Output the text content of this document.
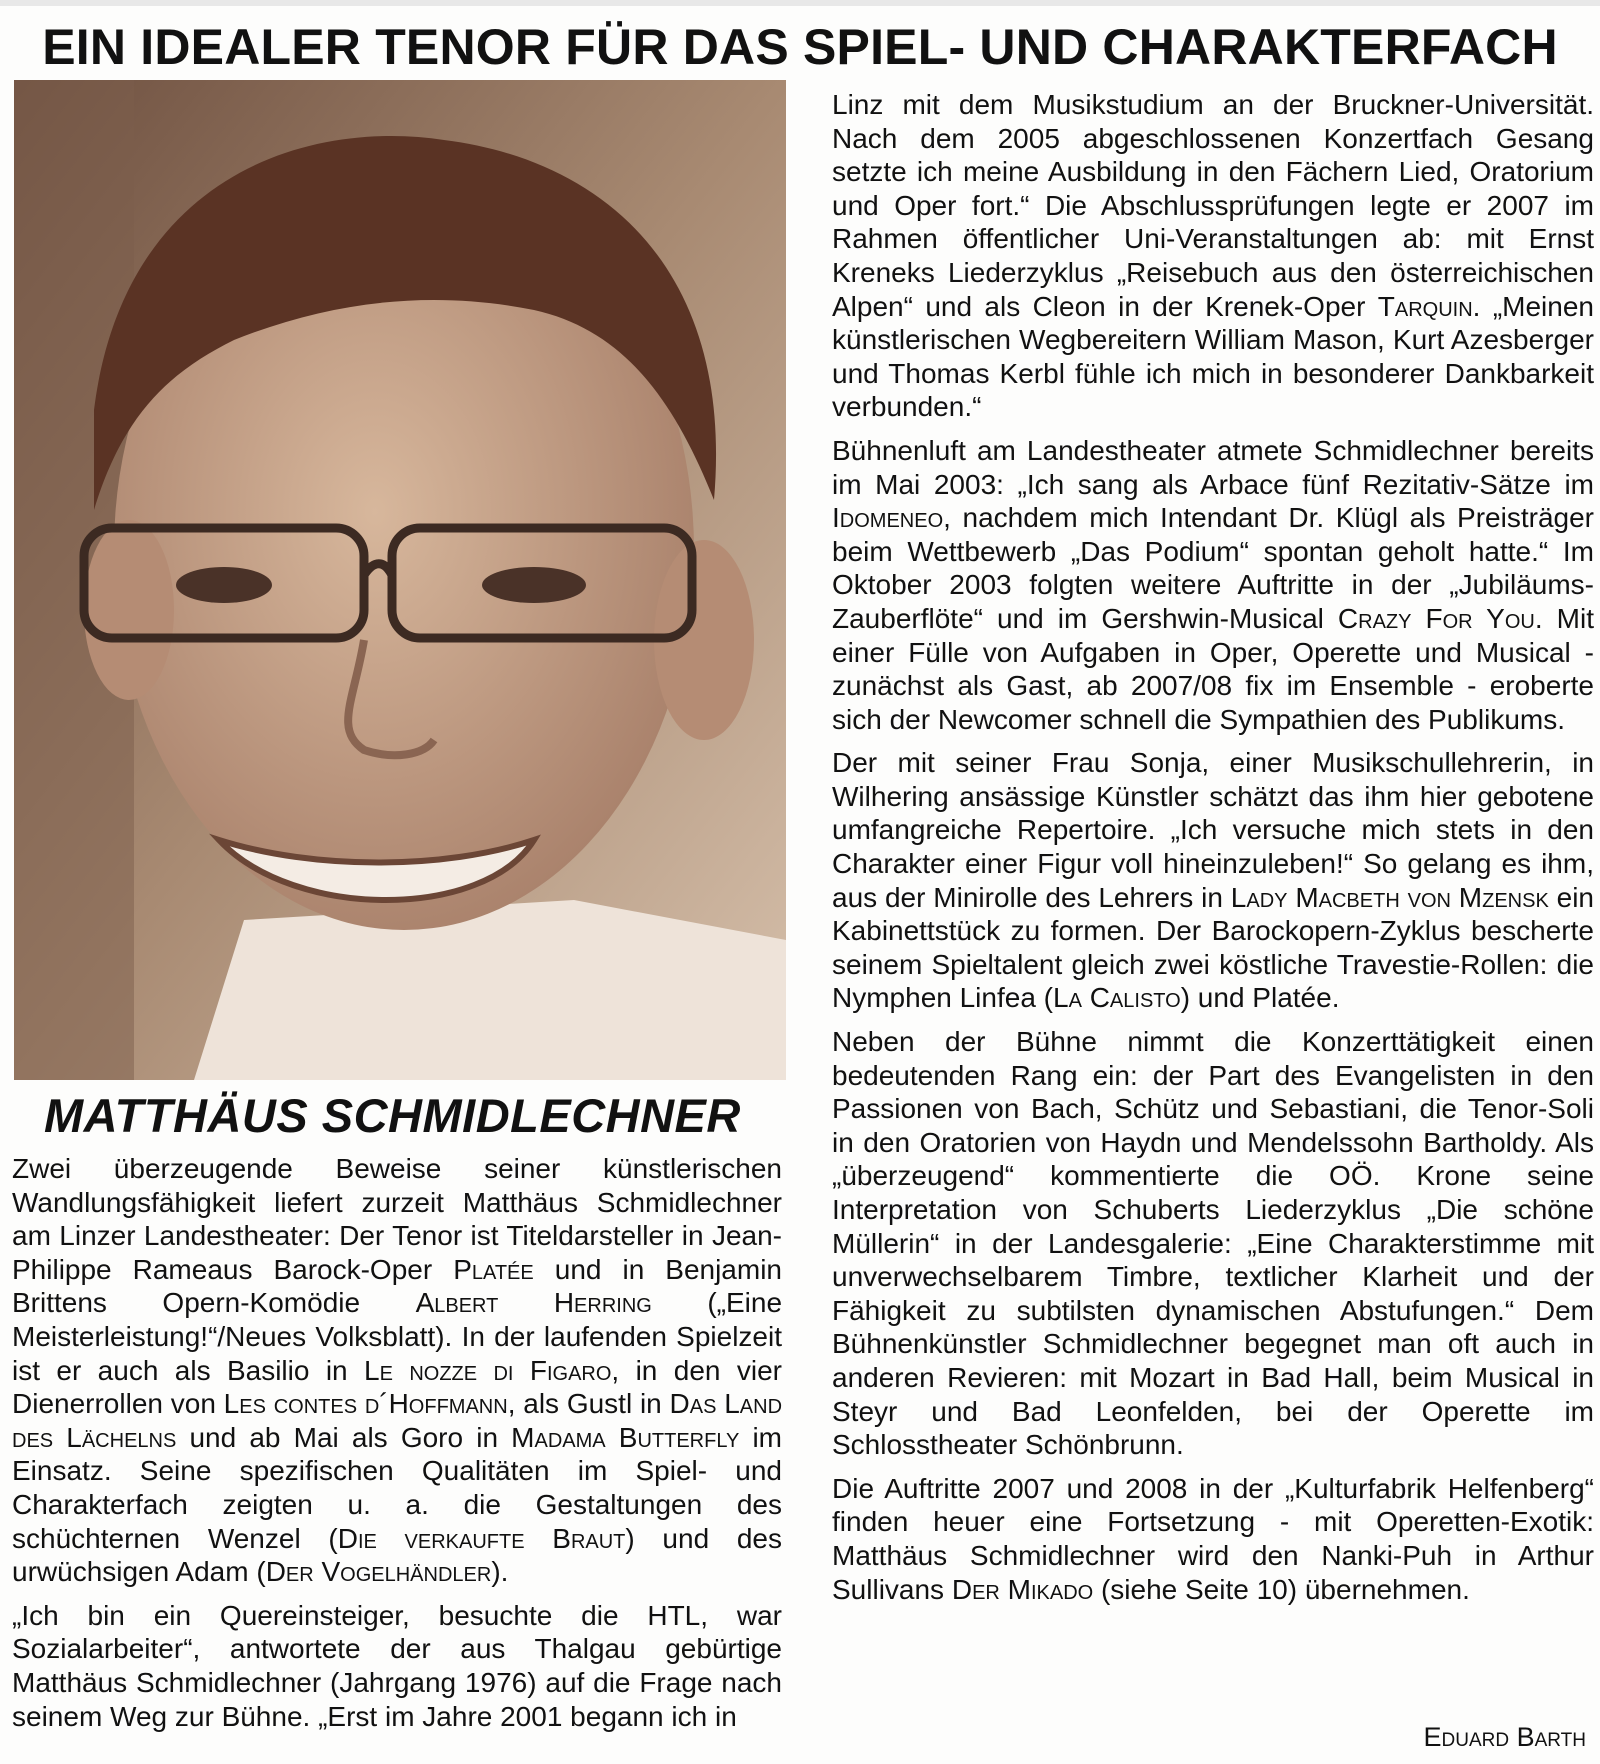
EIN IDEALER TENOR FÜR DAS SPIEL- UND CHARAKTERFACH
MATTHÄUS SCHMIDLECHNER

Zwei überzeugende Beweise seiner künstlerischen Wandlungsfähigkeit liefert zurzeit Matthäus Schmidlechner am Linzer Landestheater: Der Tenor ist Titeldarsteller in Jean-Philippe Rameaus Barock-Oper Platée und in Benjamin Brittens Opern-Komödie Albert Herring („Eine Meisterleistung!“/Neues Volksblatt). In der laufenden Spielzeit ist er auch als Basilio in Le nozze di Figaro, in den vier Dienerrollen von Les contes d´Hoffmann, als Gustl in Das Land des Lächelns und ab Mai als Goro in Madama Butterfly im Einsatz. Seine spezifischen Qualitäten im Spiel- und Charakterfach zeigten u. a. die Gestaltungen des schüchternen Wenzel (Die verkaufte Braut) und des urwüchsigen Adam (Der Vogelhändler).

„Ich bin ein Quereinsteiger, besuchte die HTL, war Sozialarbeiter“, antwortete der aus Thalgau gebürtige Matthäus Schmidlechner (Jahrgang 1976) auf die Frage nach seinem Weg zur Bühne. „Erst im Jahre 2001 begann ich in

Linz mit dem Musikstudium an der Bruckner-Universität. Nach dem 2005 abgeschlossenen Konzertfach Gesang setzte ich meine Ausbildung in den Fächern Lied, Oratorium und Oper fort.“ Die Abschlussprüfungen legte er 2007 im Rahmen öffentlicher Uni-Veranstaltungen ab: mit Ernst Kreneks Liederzyklus „Reisebuch aus den österreichischen Alpen“ und als Cleon in der Krenek-Oper Tarquin. „Meinen künstlerischen Wegbereitern William Mason, Kurt Azesberger und Thomas Kerbl fühle ich mich in besonderer Dankbarkeit verbunden.“

Bühnenluft am Landestheater atmete Schmidlechner bereits im Mai 2003: „Ich sang als Arbace fünf Rezitativ-Sätze im Idomeneo, nachdem mich Intendant Dr. Klügl als Preisträger beim Wettbewerb „Das Podium“ spontan geholt hatte.“ Im Oktober 2003 folgten weitere Auftritte in der „Jubiläums-Zauberflöte“ und im Gershwin-Musical Crazy For You. Mit einer Fülle von Aufgaben in Oper, Operette und Musical - zunächst als Gast, ab 2007/08 fix im Ensemble - eroberte sich der Newcomer schnell die Sympathien des Publikums.

Der mit seiner Frau Sonja, einer Musikschullehrerin, in Wilhering ansässige Künstler schätzt das ihm hier gebotene umfangreiche Repertoire. „Ich versuche mich stets in den Charakter einer Figur voll hineinzuleben!“ So gelang es ihm, aus der Minirolle des Lehrers in Lady Macbeth von Mzensk ein Kabinettstück zu formen. Der Barockopern-Zyklus bescherte seinem Spieltalent gleich zwei köstliche Travestie-Rollen: die Nymphen Linfea (La Calisto) und Platée.

Neben der Bühne nimmt die Konzerttätigkeit einen bedeutenden Rang ein: der Part des Evangelisten in den Passionen von Bach, Schütz und Sebastiani, die Tenor-Soli in den Oratorien von Haydn und Mendelssohn Bartholdy. Als „überzeugend“ kommentierte die OÖ. Krone seine Interpretation von Schuberts Liederzyklus „Die schöne Müllerin“ in der Landesgalerie: „Eine Charakterstimme mit unverwechselbarem Timbre, textlicher Klarheit und der Fähigkeit zu subtilsten dynamischen Abstufungen.“ Dem Bühnenkünstler Schmidlechner begegnet man oft auch in anderen Revieren: mit Mozart in Bad Hall, beim Musical in Steyr und Bad Leonfelden, bei der Operette im Schlosstheater Schönbrunn.

Die Auftritte 2007 und 2008 in der „Kulturfabrik Helfenberg“ finden heuer eine Fortsetzung - mit Operetten-Exotik: Matthäus Schmidlechner wird den Nanki-Puh in Arthur Sullivans Der Mikado (siehe Seite 10) übernehmen.

Eduard Barth
